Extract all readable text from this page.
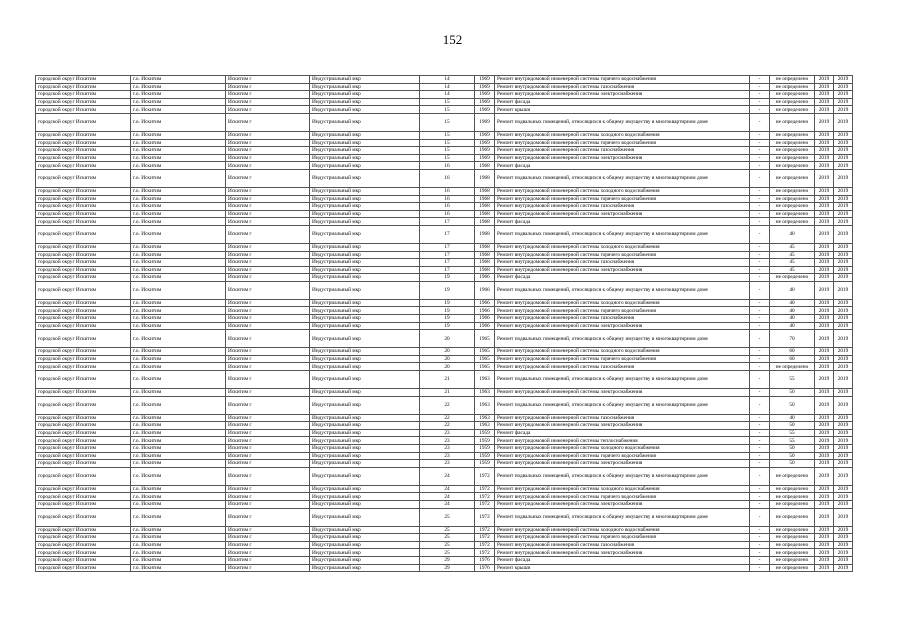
152
городской округ Искитим	г.о. Искитим	Искитим г	Индустриальный мкр	14	1969	Ремонт внутридомовой инженерной системы горячего водоснабжения	-	не определено	2019	2019
городской округ Искитим	г.о. Искитим	Искитим г	Индустриальный мкр	14	1969	Ремонт внутридомовой инженерной системы газоснабжения	-	не определено	2019	2019
городской округ Искитим	г.о. Искитим	Искитим г	Индустриальный мкр	14	1969	Ремонт внутридомовой инженерной системы электроснабжения	-	не определено	2019	2019
городской округ Искитим	г.о. Искитим	Искитим г	Индустриальный мкр	15	1969	Ремонт фасада	-	не определено	2019	2019
городской округ Искитим	г.о. Искитим	Искитим г	Индустриальный мкр	15	1969	Ремонт крыши	-	не определено	2019	2019
городской округ Искитим	г.о. Искитим	Искитим г	Индустриальный мкр	15	1969	Ремонт подвальных помещений, относящихся к общему имуществу в многоквартирном доме	-	не определено	2019	2019
городской округ Искитим	г.о. Искитим	Искитим г	Индустриальный мкр	15	1969	Ремонт внутридомовой инженерной системы холодного водоснабжения	-	не определено	2019	2019
городской округ Искитим	г.о. Искитим	Искитим г	Индустриальный мкр	15	1969	Ремонт внутридомовой инженерной системы горячего водоснабжения	-	не определено	2019	2019
городской округ Искитим	г.о. Искитим	Искитим г	Индустриальный мкр	15	1969	Ремонт внутридомовой инженерной системы газоснабжения	-	не определено	2019	2019
городской округ Искитим	г.о. Искитим	Искитим г	Индустриальный мкр	15	1969	Ремонт внутридомовой инженерной системы электроснабжения	-	не определено	2019	2019
городской округ Искитим	г.о. Искитим	Искитим г	Индустриальный мкр	16	1968	Ремонт фасада	-	не определено	2019	2019
городской округ Искитим	г.о. Искитим	Искитим г	Индустриальный мкр	16	1968	Ремонт подвальных помещений, относящихся к общему имуществу в многоквартирном доме	-	не определено	2019	2019
городской округ Искитим	г.о. Искитим	Искитим г	Индустриальный мкр	16	1968	Ремонт внутридомовой инженерной системы холодного водоснабжения	-	не определено	2019	2019
городской округ Искитим	г.о. Искитим	Искитим г	Индустриальный мкр	16	1968	Ремонт внутридомовой инженерной системы горячего водоснабжения	-	не определено	2019	2019
городской округ Искитим	г.о. Искитим	Искитим г	Индустриальный мкр	16	1968	Ремонт внутридомовой инженерной системы газоснабжения	-	не определено	2019	2019
городской округ Искитим	г.о. Искитим	Искитим г	Индустриальный мкр	16	1968	Ремонт внутридомовой инженерной системы электроснабжения	-	не определено	2019	2019
городской округ Искитим	г.о. Искитим	Искитим г	Индустриальный мкр	17	1968	Ремонт фасада	-	не определено	2019	2019
городской округ Искитим	г.о. Искитим	Искитим г	Индустриальный мкр	17	1968	Ремонт подвальных помещений, относящихся к общему имуществу в многоквартирном доме	-	40	2019	2019
городской округ Искитим	г.о. Искитим	Искитим г	Индустриальный мкр	17	1968	Ремонт внутридомовой инженерной системы холодного водоснабжения	-	45	2019	2019
городской округ Искитим	г.о. Искитим	Искитим г	Индустриальный мкр	17	1968	Ремонт внутридомовой инженерной системы горячего водоснабжения	-	45	2019	2019
городской округ Искитим	г.о. Искитим	Искитим г	Индустриальный мкр	17	1968	Ремонт внутридомовой инженерной системы газоснабжения	-	45	2019	2019
городской округ Искитим	г.о. Искитим	Искитим г	Индустриальный мкр	17	1968	Ремонт внутридомовой инженерной системы электроснабжения	-	45	2019	2019
городской округ Искитим	г.о. Искитим	Искитим г	Индустриальный мкр	19	1966	Ремонт фасада	-	не определено	2019	2019
городской округ Искитим	г.о. Искитим	Искитим г	Индустриальный мкр	19	1966	Ремонт подвальных помещений, относящихся к общему имуществу в многоквартирном доме	-	40	2019	2019
городской округ Искитим	г.о. Искитим	Искитим г	Индустриальный мкр	19	1966	Ремонт внутридомовой инженерной системы холодного водоснабжения	-	40	2019	2019
городской округ Искитим	г.о. Искитим	Искитим г	Индустриальный мкр	19	1966	Ремонт внутридомовой инженерной системы горячего водоснабжения	-	40	2019	2019
городской округ Искитим	г.о. Искитим	Искитим г	Индустриальный мкр	19	1966	Ремонт внутридомовой инженерной системы газоснабжения	-	40	2019	2019
городской округ Искитим	г.о. Искитим	Искитим г	Индустриальный мкр	19	1966	Ремонт внутридомовой инженерной системы электроснабжения	-	40	2019	2019
городской округ Искитим	г.о. Искитим	Искитим г	Индустриальный мкр	20	1965	Ремонт подвальных помещений, относящихся к общему имуществу в многоквартирном доме	-	70	2019	2019
городской округ Искитим	г.о. Искитим	Искитим г	Индустриальный мкр	20	1965	Ремонт внутридомовой инженерной системы холодного водоснабжения	-	60	2019	2019
городской округ Искитим	г.о. Искитим	Искитим г	Индустриальный мкр	20	1965	Ремонт внутридомовой инженерной системы горячего водоснабжения	-	60	2019	2019
городской округ Искитим	г.о. Искитим	Искитим г	Индустриальный мкр	20	1965	Ремонт внутридомовой инженерной системы газоснабжения	-	не определено	2019	2019
городской округ Искитим	г.о. Искитим	Искитим г	Индустриальный мкр	21	1963	Ремонт подвальных помещений, относящихся к общему имуществу в многоквартирном доме	-	55	2019	2019
городской округ Искитим	г.о. Искитим	Искитим г	Индустриальный мкр	21	1963	Ремонт внутридомовой инженерной системы электроснабжения	-	50	2019	2019
городской округ Искитим	г.о. Искитим	Искитим г	Индустриальный мкр	22	1963	Ремонт подвальных помещений, относящихся к общему имуществу в многоквартирном доме	-	50	2019	2019
городской округ Искитим	г.о. Искитим	Искитим г	Индустриальный мкр	22	1963	Ремонт внутридомовой инженерной системы газоснабжения	-	40	2019	2019
городской округ Искитим	г.о. Искитим	Искитим г	Индустриальный мкр	22	1963	Ремонт внутридомовой инженерной системы электроснабжения	-	50	2019	2019
городской округ Искитим	г.о. Искитим	Искитим г	Индустриальный мкр	23	1959	Ремонт фасада	-	55	2019	2019
городской округ Искитим	г.о. Искитим	Искитим г	Индустриальный мкр	23	1959	Ремонт внутридомовой инженерной системы теплоснабжения	-	55	2019	2019
городской округ Искитим	г.о. Искитим	Искитим г	Индустриальный мкр	23	1959	Ремонт внутридомовой инженерной системы холодного водоснабжения	-	50	2019	2019
городской округ Искитим	г.о. Искитим	Искитим г	Индустриальный мкр	23	1959	Ремонт внутридомовой инженерной системы горячего водоснабжения	-	50	2019	2019
городской округ Искитим	г.о. Искитим	Искитим г	Индустриальный мкр	23	1959	Ремонт внутридомовой инженерной системы электроснабжения	-	50	2019	2019
городской округ Искитим	г.о. Искитим	Искитим г	Индустриальный мкр	24	1972	Ремонт подвальных помещений, относящихся к общему имуществу в многоквартирном доме	-	не определено	2019	2019
городской округ Искитим	г.о. Искитим	Искитим г	Индустриальный мкр	24	1972	Ремонт внутридомовой инженерной системы холодного водоснабжения	-	не определено	2019	2019
городской округ Искитим	г.о. Искитим	Искитим г	Индустриальный мкр	24	1972	Ремонт внутридомовой инженерной системы горячего водоснабжения	-	не определено	2019	2019
городской округ Искитим	г.о. Искитим	Искитим г	Индустриальный мкр	24	1972	Ремонт внутридомовой инженерной системы электроснабжения	-	не определено	2019	2019
городской округ Искитим	г.о. Искитим	Искитим г	Индустриальный мкр	25	1972	Ремонт подвальных помещений, относящихся к общему имуществу в многоквартирном доме	-	не определено	2019	2019
городской округ Искитим	г.о. Искитим	Искитим г	Индустриальный мкр	25	1972	Ремонт внутридомовой инженерной системы холодного водоснабжения	-	не определено	2019	2019
городской округ Искитим	г.о. Искитим	Искитим г	Индустриальный мкр	25	1972	Ремонт внутридомовой инженерной системы горячего водоснабжения	-	не определено	2019	2019
городской округ Искитим	г.о. Искитим	Искитим г	Индустриальный мкр	25	1972	Ремонт внутридомовой инженерной системы газоснабжения	-	не определено	2019	2019
городской округ Искитим	г.о. Искитим	Искитим г	Индустриальный мкр	25	1972	Ремонт внутридомовой инженерной системы электроснабжения	-	не определено	2019	2019
городской округ Искитим	г.о. Искитим	Искитим г	Индустриальный мкр	29	1976	Ремонт фасада	-	не определено	2019	2019
городской округ Искитим	г.о. Искитим	Искитим г	Индустриальный мкр	29	1976	Ремонт крыши	-	не определено	2019	2019
